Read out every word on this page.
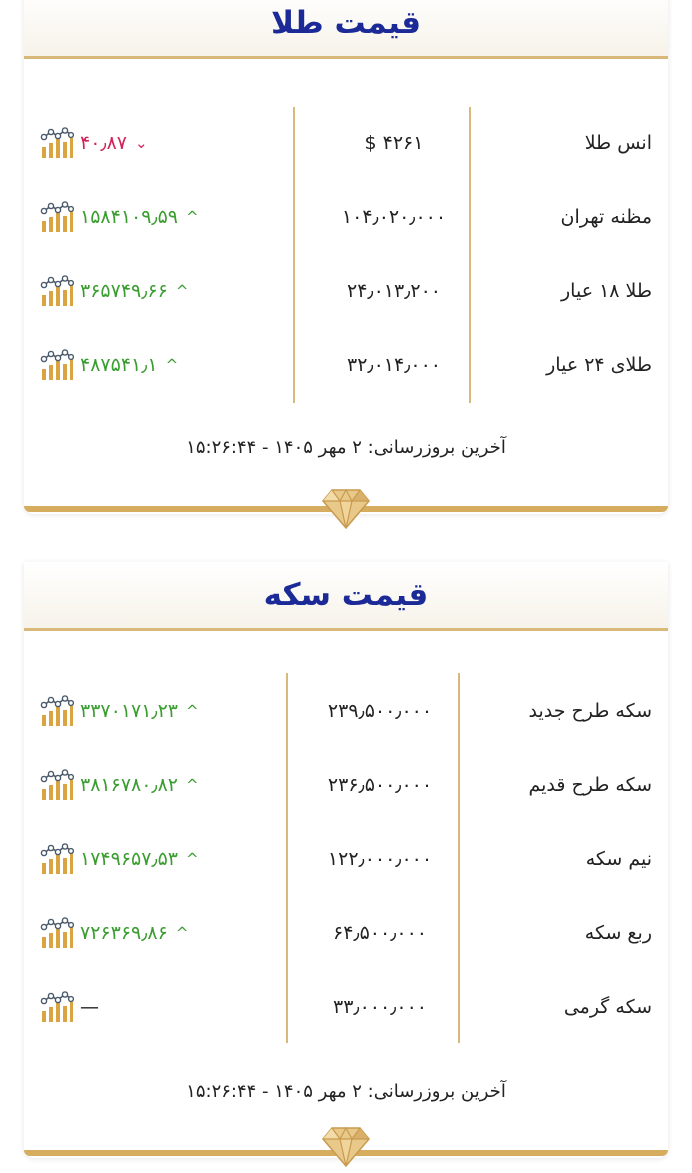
قیمت طلا
انس طلا
$ ۴۲۶۱
۴۰٫۸۷ ⌄
مظنه تهران
۱۰۴٫۰۲۰٫۰۰۰
۱۵۸۴۱۰۹٫۵۹ ^
طلا ۱۸ عیار
۲۴٫۰۱۳٫۲۰۰
۳۶۵۷۴۹٫۶۶ ^
طلای ۲۴ عیار
۳۲٫۰۱۴٫۰۰۰
۴۸۷۵۴۱٫۱ ^
آخرین بروزرسانی: ۲ مهر ۱۴۰۵ - ۱۵:۲۶:۴۴
قیمت سکه
سکه طرح جدید
۲۳۹٫۵۰۰٫۰۰۰
۳۳۷۰۱۷۱٫۲۳ ^
سکه طرح قدیم
۲۳۶٫۵۰۰٫۰۰۰
۳۸۱۶۷۸۰٫۸۲ ^
نیم سکه
۱۲۲٫۰۰۰٫۰۰۰
۱۷۴۹۶۵۷٫۵۳ ^
ربع سکه
۶۴٫۵۰۰٫۰۰۰
۷۲۶۳۶۹٫۸۶ ^
سکه گرمی
۳۳٫۰۰۰٫۰۰۰
—
آخرین بروزرسانی: ۲ مهر ۱۴۰۵ - ۱۵:۲۶:۴۴
